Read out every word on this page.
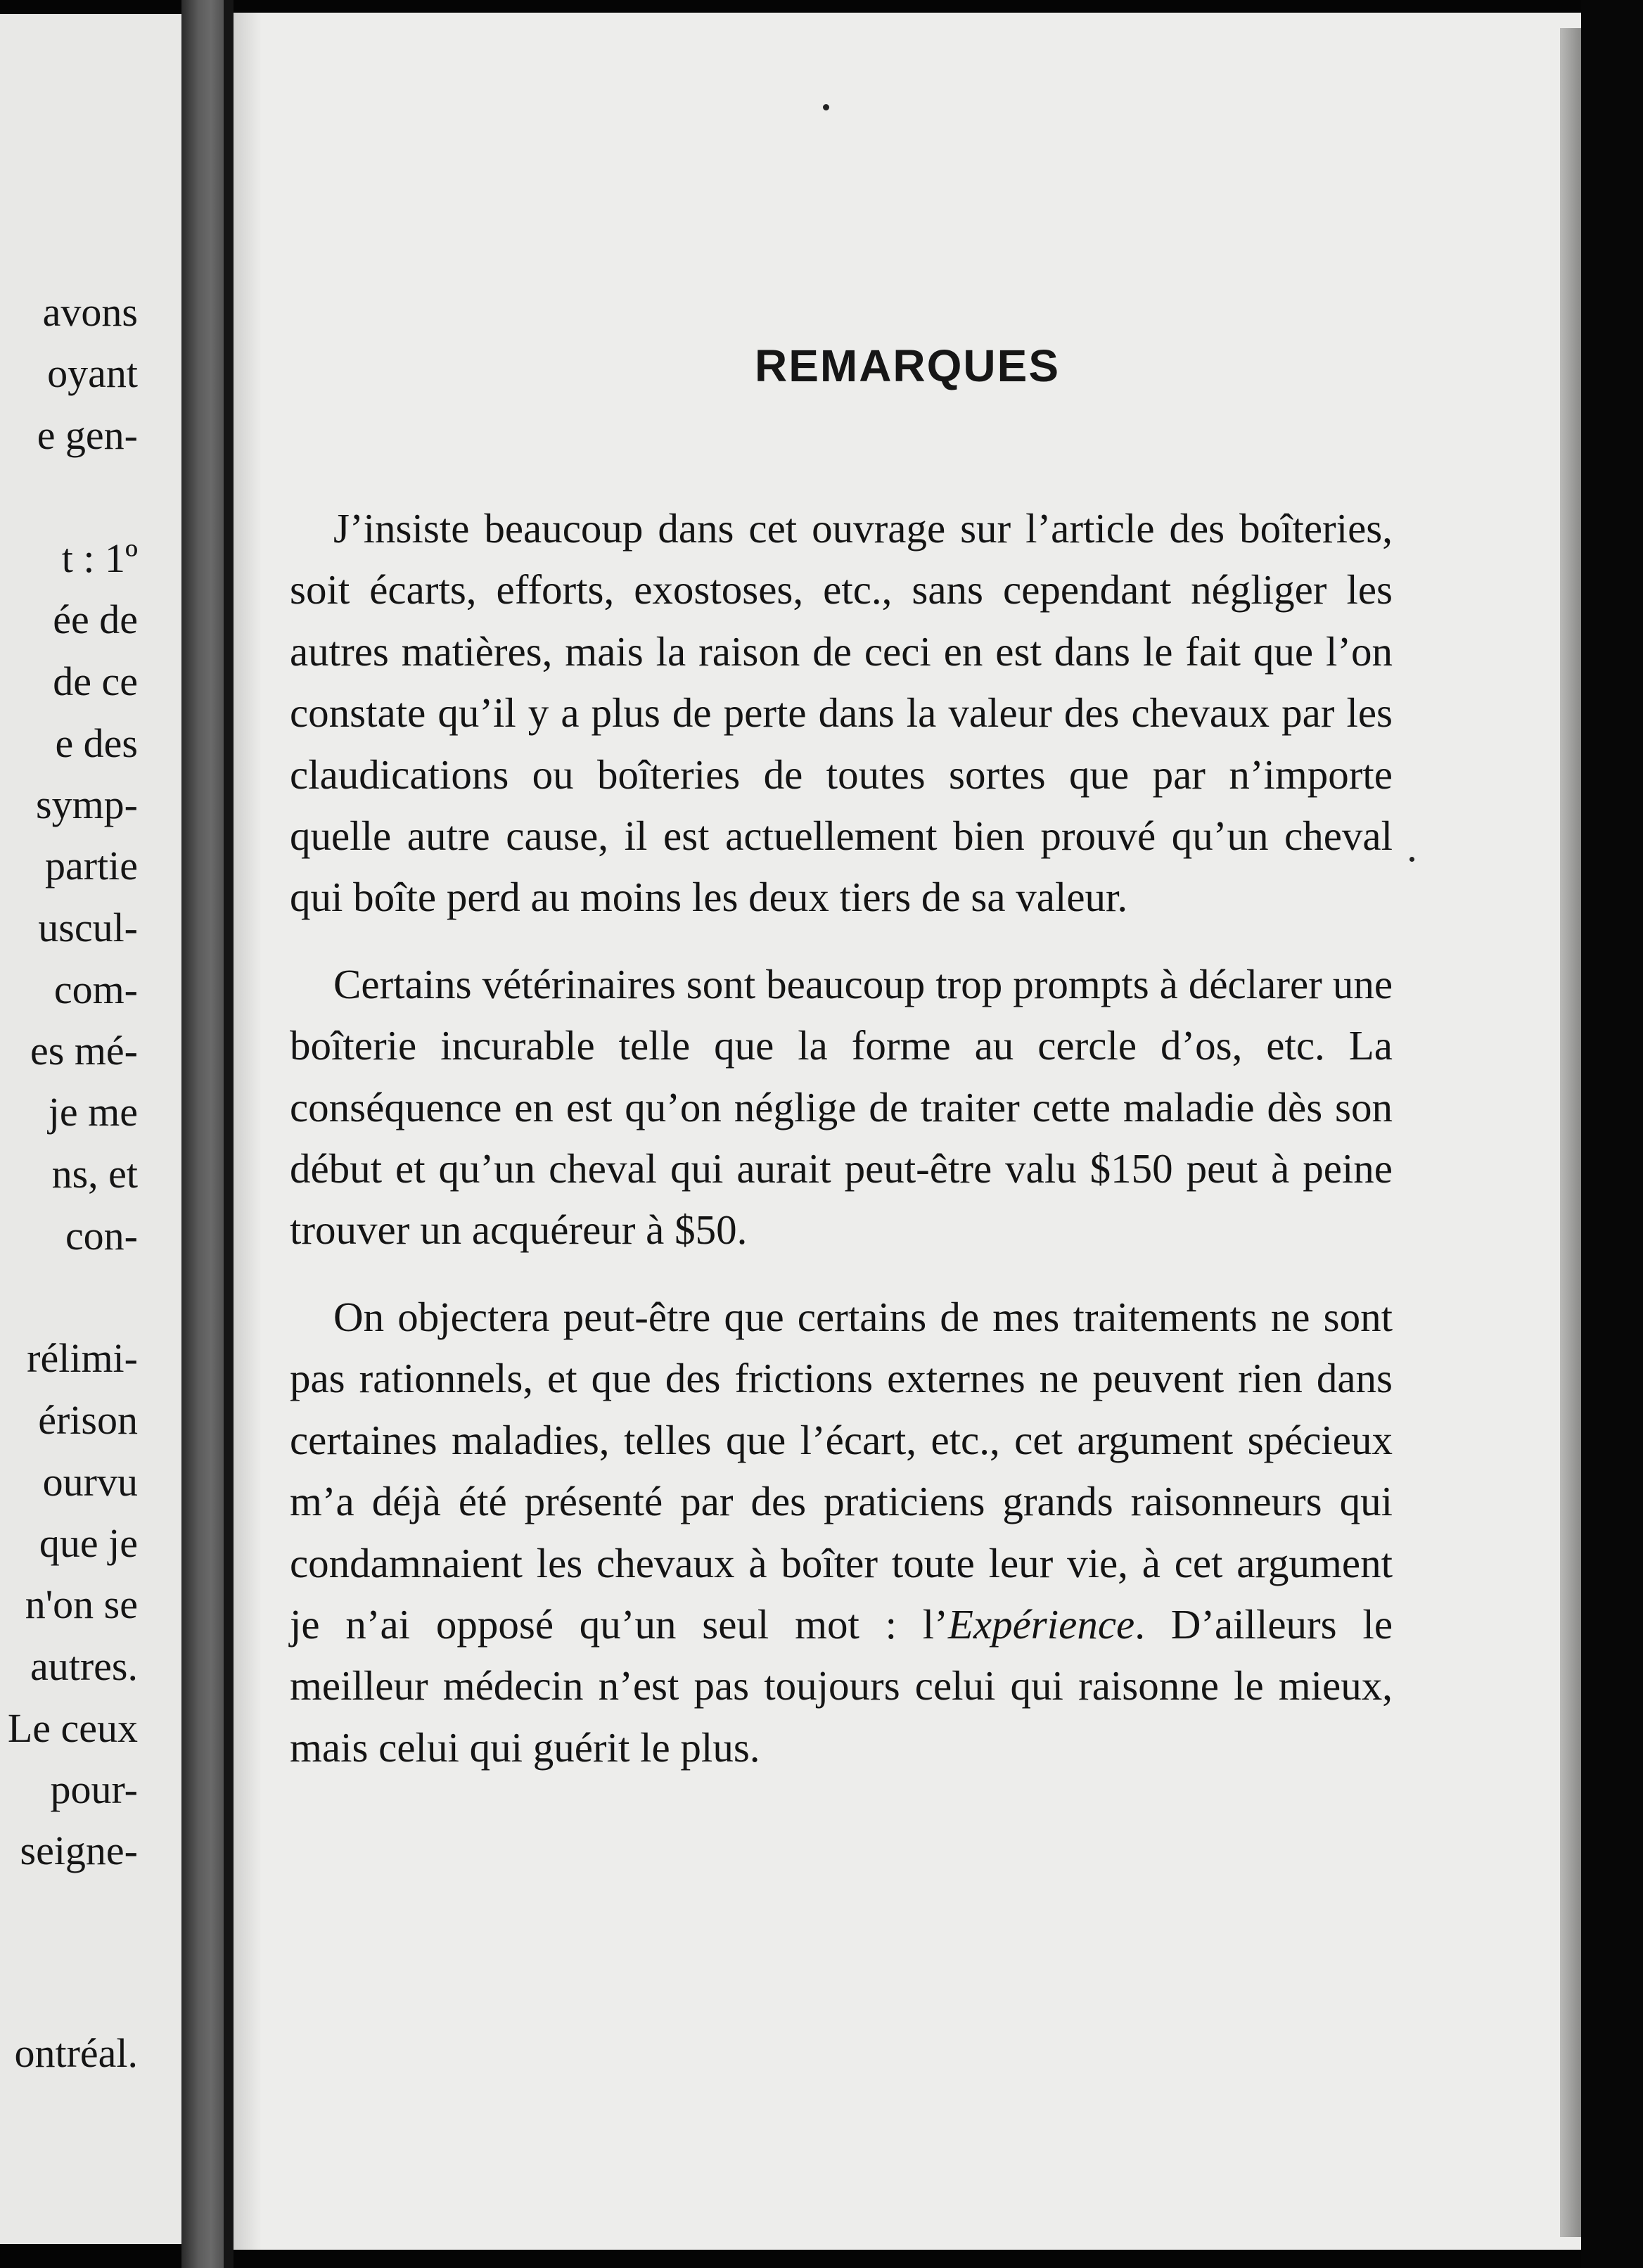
avons
oyant
e gen-
t : 1º
ée de
de ce
e des
symp-
partie
uscul-
com-
es mé-
je me
ns, et
con-
rélimi-
érison
ourvu
que je
n'on se
autres.
Le ceux
pour-
seigne-
ontréal.
REMARQUES

J’insiste beaucoup dans cet ouvrage sur l’article des boîteries, soit écarts, efforts, exostoses, etc., sans cependant négliger les autres matières, mais la raison de ceci en est dans le fait que l’on constate qu’il y a plus de perte dans la valeur des chevaux par les claudications ou boîteries de toutes sortes que par n’importe quelle autre cause, il est actuellement bien prouvé qu’un cheval qui boîte perd au moins les deux tiers de sa valeur.

Certains vétérinaires sont beaucoup trop prompts à déclarer une boîterie incurable telle que la forme au cercle d’os, etc. La conséquence en est qu’on néglige de traiter cette maladie dès son début et qu’un cheval qui aurait peut-être valu $150 peut à peine trouver un acquéreur à $50.

On objectera peut-être que certains de mes traitements ne sont pas rationnels, et que des frictions externes ne peuvent rien dans certaines maladies, telles que l’écart, etc., cet argument spécieux m’a déjà été présenté par des praticiens grands raisonneurs qui condamnaient les chevaux à boîter toute leur vie, à cet argument je n’ai opposé qu’un seul mot : l’Expérience. D’ailleurs le meilleur médecin n’est pas toujours celui qui raisonne le mieux, mais celui qui guérit le plus.
